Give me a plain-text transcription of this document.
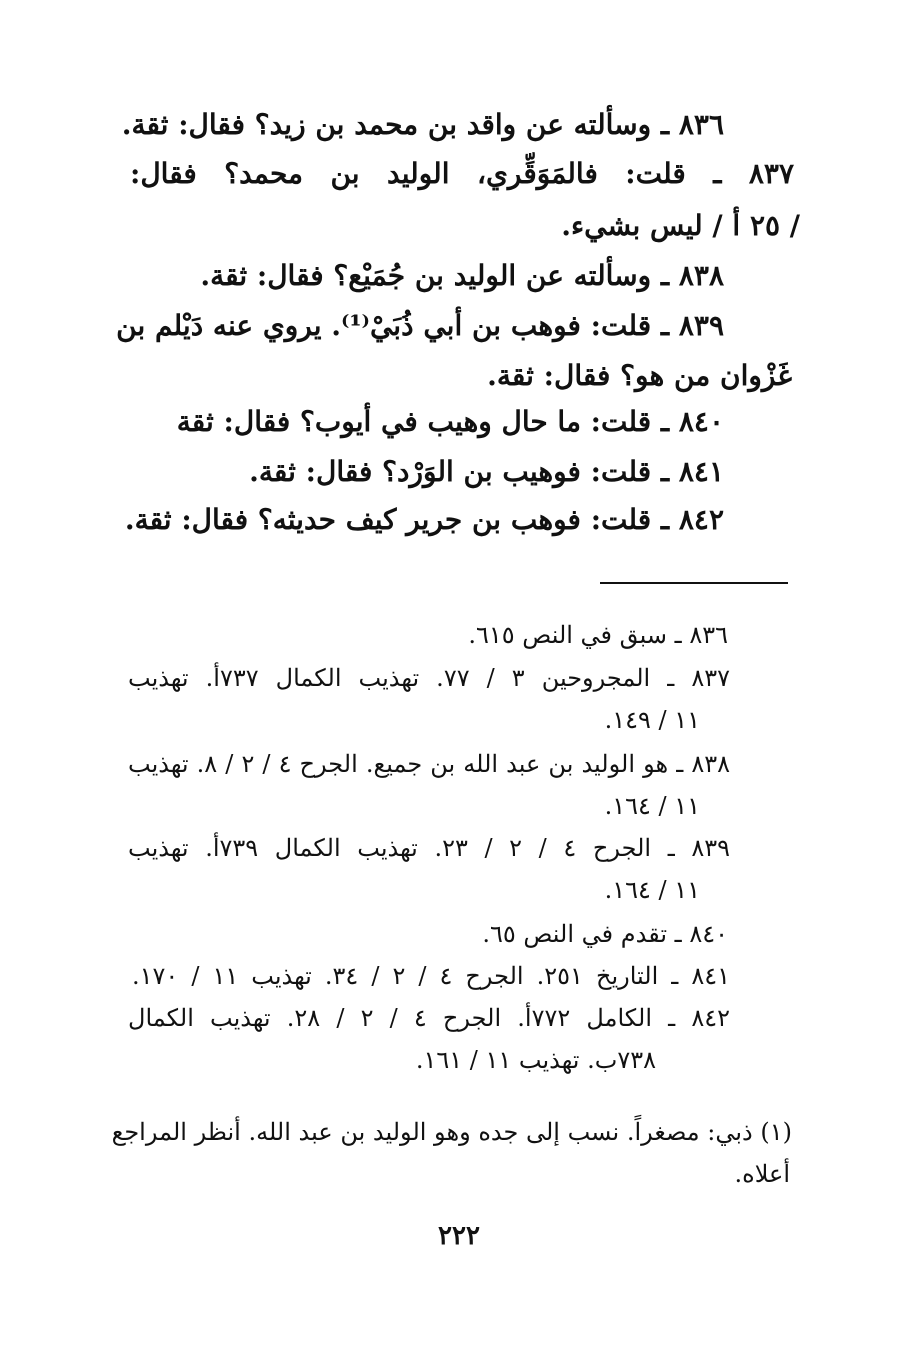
٨٣٦ ـ وسألته عن واقد بن محمد بن زيد؟ فقال: ثقة.
٨٣٧ ـ قلت: فالمَوَقِّري، الوليد بن محمد؟ فقال:
/ ٢٥ أ / ليس بشيء.
٨٣٨ ـ وسألته عن الوليد بن جُمَيْع؟ فقال: ثقة.
٨٣٩ ـ قلت: فوهب بن أبي ذُبَيْ⁽¹⁾. يروي عنه دَيْلم بن
غَزْوان من هو؟ فقال: ثقة.
٨٤٠ ـ قلت: ما حال وهيب في أيوب؟ فقال: ثقة
٨٤١ ـ قلت: فوهيب بن الوَرْد؟ فقال: ثقة.
٨٤٢ ـ قلت: فوهب بن جرير كيف حديثه؟ فقال: ثقة.
٨٣٦ ـ سبق في النص ٦١٥.
٨٣٧ ـ المجروحين ٣ / ٧٧. تهذيب الكمال ٧٣٧أ. تهذيب
١١ / ١٤٩.
٨٣٨ ـ هو الوليد بن عبد الله بن جميع. الجرح ٤ / ٢ / ٨. تهذيب
١١ / ١٦٤.
٨٣٩ ـ الجرح ٤ / ٢ / ٢٣. تهذيب الكمال ٧٣٩أ. تهذيب
١١ / ١٦٤.
٨٤٠ ـ تقدم في النص ٦٥.
٨٤١ ـ التاريخ ٢٥١. الجرح ٤ / ٢ / ٣٤. تهذيب ١١ / ١٧٠.
٨٤٢ ـ الكامل ٧٧٢أ. الجرح ٤ / ٢ / ٢٨. تهذيب الكمال
٧٣٨ب. تهذيب ١١ / ١٦١.
(١) ذبي: مصغراً. نسب إلى جده وهو الوليد بن عبد الله. أنظر المراجع
أعلاه.
٢٢٢
